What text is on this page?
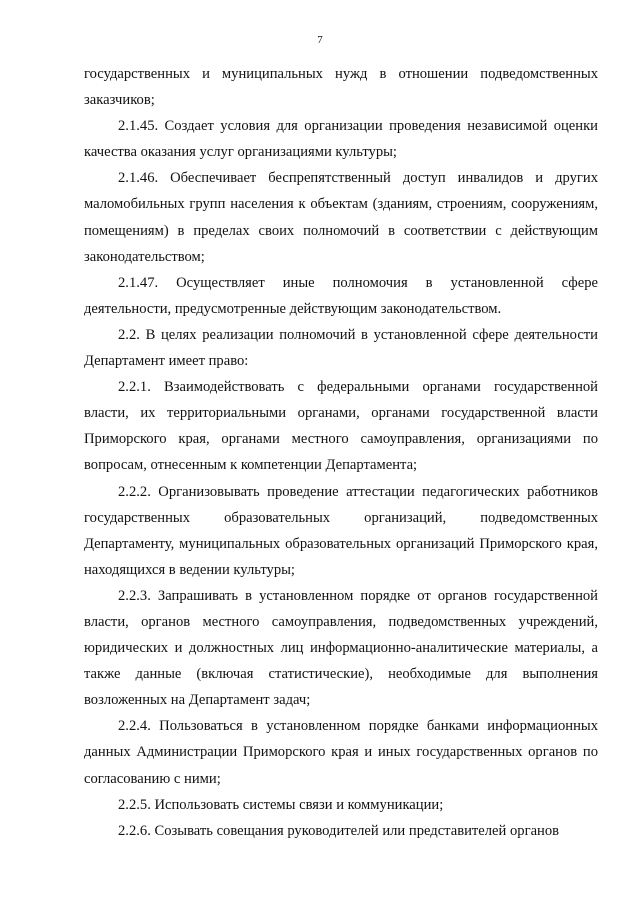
7

государственных и муниципальных нужд в отношении подведомственных заказчиков;

2.1.45. Создает условия для организации проведения независимой оценки качества оказания услуг организациями культуры;

2.1.46. Обеспечивает беспрепятственный доступ инвалидов и других маломобильных групп населения к объектам (зданиям, строениям, сооружениям, помещениям) в пределах своих полномочий в соответствии с действующим законодательством;

2.1.47. Осуществляет иные полномочия в установленной сфере деятельности, предусмотренные действующим законодательством.

2.2. В целях реализации полномочий в установленной сфере деятельности Департамент имеет право:

2.2.1. Взаимодействовать с федеральными органами государственной власти, их территориальными органами, органами государственной власти Приморского края, органами местного самоуправления, организациями по вопросам, отнесенным к компетенции Департамента;

2.2.2. Организовывать проведение аттестации педагогических работников государственных образовательных организаций, подведомственных Департаменту, муниципальных образовательных организаций Приморского края, находящихся в ведении культуры;

2.2.3. Запрашивать в установленном порядке от органов государственной власти, органов местного самоуправления, подведомственных учреждений, юридических и должностных лиц информационно-аналитические материалы, а также данные (включая статистические), необходимые для выполнения возложенных на Департамент задач;

2.2.4. Пользоваться в установленном порядке банками информационных данных Администрации Приморского края и иных государственных органов по согласованию с ними;

2.2.5. Использовать системы связи и коммуникации;

2.2.6. Созывать совещания руководителей или представителей органов
